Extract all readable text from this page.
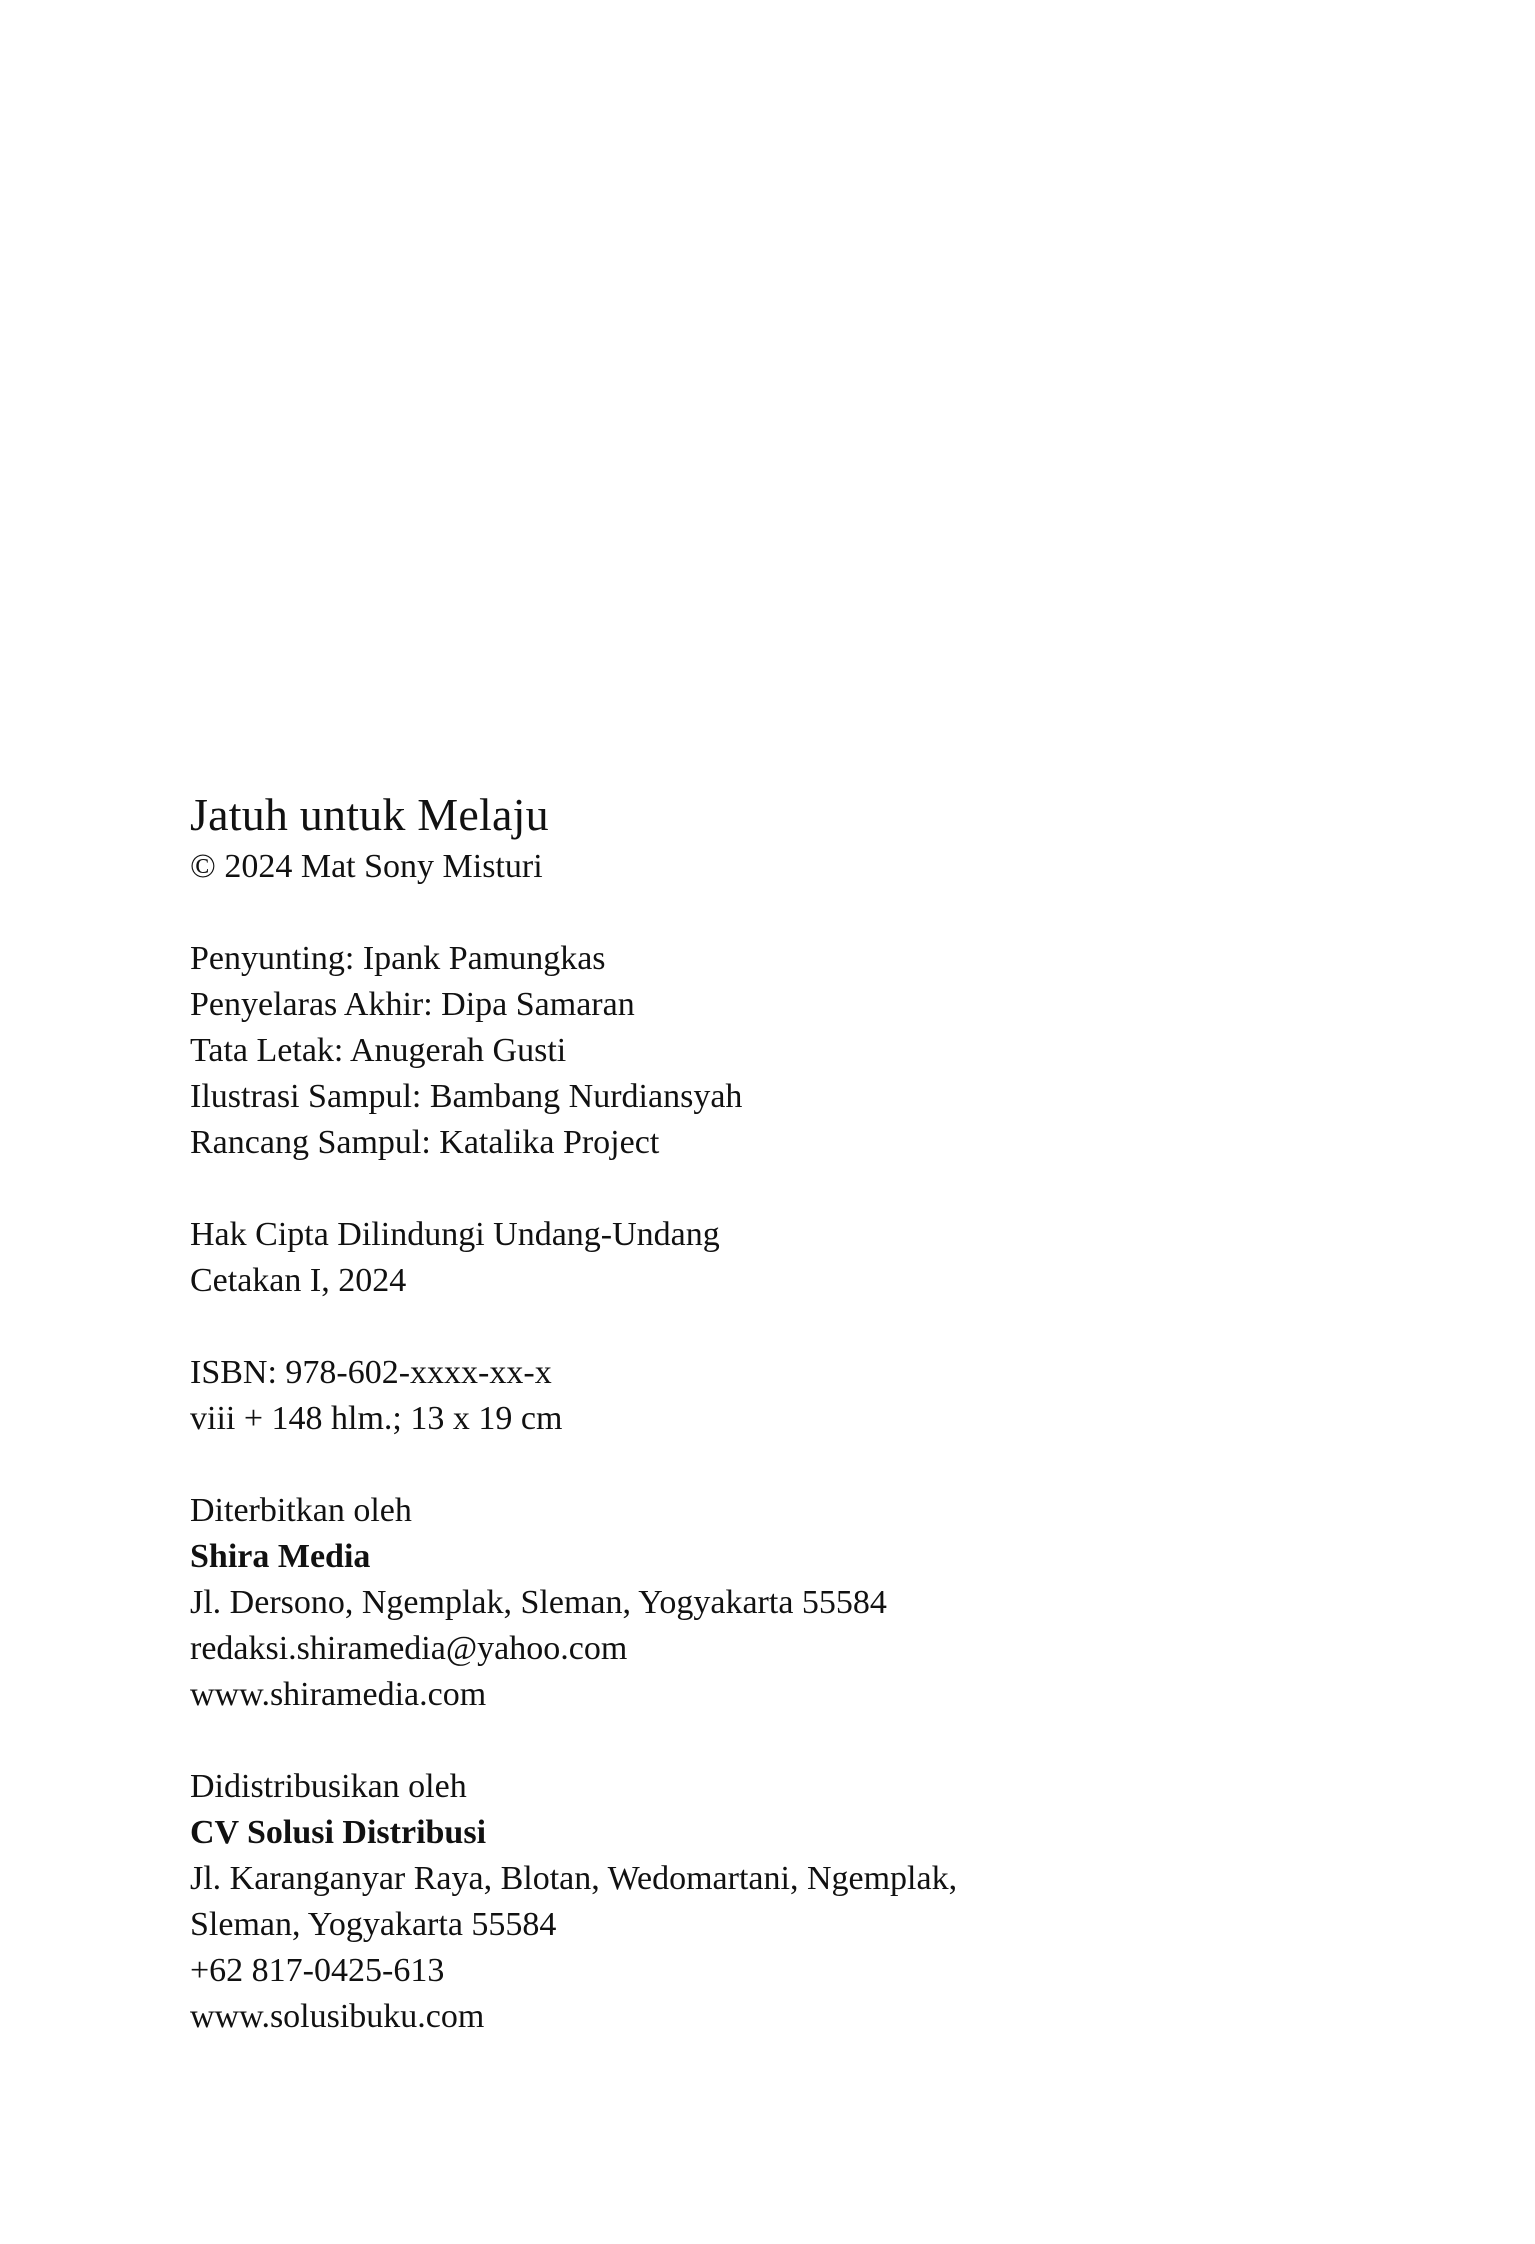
Jatuh untuk Melaju

© 2024 Mat Sony Misturi

Penyunting: Ipank Pamungkas

Penyelaras Akhir: Dipa Samaran

Tata Letak: Anugerah Gusti

Ilustrasi Sampul: Bambang Nurdiansyah

Rancang Sampul: Katalika Project

Hak Cipta Dilindungi Undang-Undang

Cetakan I, 2024

ISBN: 978-602-xxxx-xx-x

viii + 148 hlm.; 13 x 19 cm

Diterbitkan oleh

Shira Media

Jl. Dersono, Ngemplak, Sleman, Yogyakarta 55584

redaksi.shiramedia@yahoo.com

www.shiramedia.com

Didistribusikan oleh

CV Solusi Distribusi

Jl. Karanganyar Raya, Blotan, Wedomartani, Ngemplak,

Sleman, Yogyakarta 55584

+62 817-0425-613

www.solusibuku.com
